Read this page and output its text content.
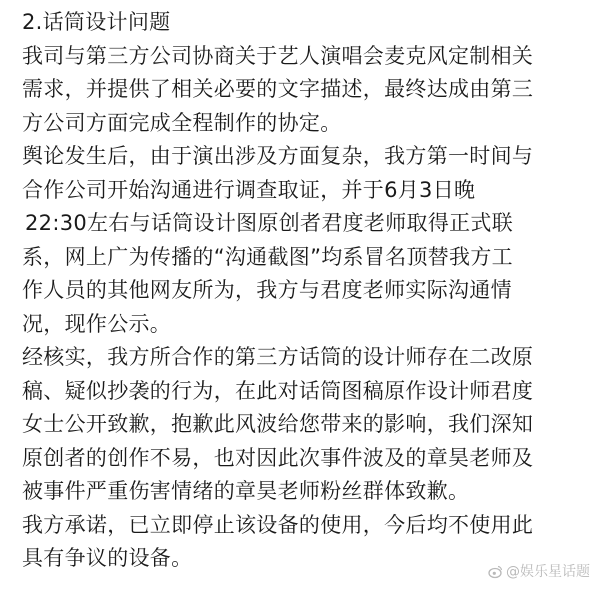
2.话筒设计问题
我司与第三方公司协商关于艺人演唱会麦克风定制相关
需求，并提供了相关必要的文字描述，最终达成由第三
方公司方面完成全程制作的协定。
舆论发生后，由于演出涉及方面复杂，我方第一时间与
合作公司开始沟通进行调查取证，并于6月3日晚
22:30左右与话筒设计图原创者君度老师取得正式联
系，网上广为传播的“沟通截图”均系冒名顶替我方工
作人员的其他网友所为，我方与君度老师实际沟通情
况，现作公示。
经核实，我方所合作的第三方话筒的设计师存在二改原
稿、疑似抄袭的行为，在此对话筒图稿原作设计师君度
女士公开致歉，抱歉此风波给您带来的影响，我们深知
原创者的创作不易，也对因此次事件波及的章昊老师及
被事件严重伤害情绪的章昊老师粉丝群体致歉。
我方承诺，已立即停止该设备的使用，今后均不使用此
具有争议的设备。
@娱乐星话题
